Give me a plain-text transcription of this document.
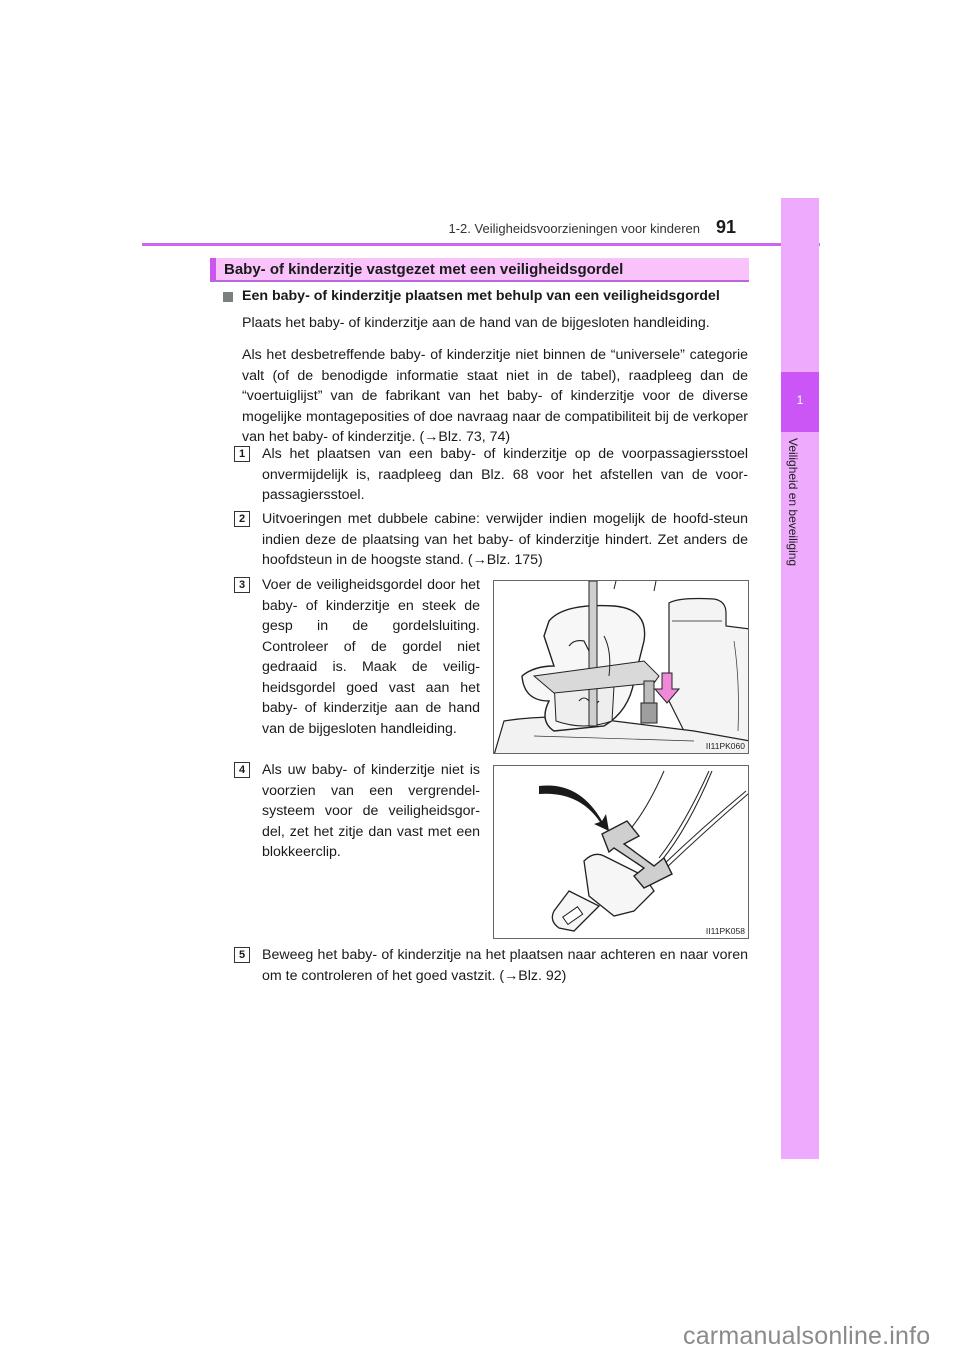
1-2. Veiligheidsvoorzieningen voor kinderen 91
1
Veiligheid en beveiliging
Baby- of kinderzitje vastgezet met een veiligheidsgordel
Een baby- of kinderzitje plaatsen met behulp van een veiligheidsgordel
Plaats het baby- of kinderzitje aan de hand van de bijgesloten handleiding.
Als het desbetreffende baby- of kinderzitje niet binnen de “universele” categorie valt (of de benodigde informatie staat niet in de tabel), raadpleeg dan de “voertuiglijst” van de fabrikant van het baby- of kinderzitje voor de diverse mogelijke montageposities of doe navraag naar de compatibiliteit bij de verkoper van het baby- of kinderzitje. (→Blz. 73, 74)
1	Als het plaatsen van een baby- of kinderzitje op de voorpassagiersstoel onvermijdelijk is, raadpleeg dan Blz. 68 voor het afstellen van de voor-passagiersstoel.
2	Uitvoeringen met dubbele cabine: verwijder indien mogelijk de hoofd-steun indien deze de plaatsing van het baby- of kinderzitje hindert. Zet anders de hoofdsteun in de hoogste stand. (→Blz. 175)
3	Voer de veiligheidsgordel door het baby- of kinderzitje en steek de gesp in de gordelsluiting. Controleer of de gordel niet gedraaid is. Maak de veilig-heidsgordel goed vast aan het baby- of kinderzitje aan de hand van de bijgesloten handleiding.
II11PK060
4	Als uw baby- of kinderzitje niet is voorzien van een vergrendel-systeem voor de veiligheidsgor-del, zet het zitje dan vast met een blokkeerclip.
II11PK058
5	Beweeg het baby- of kinderzitje na het plaatsen naar achteren en naar voren om te controleren of het goed vastzit. (→Blz. 92)
carmanualsonline.info
